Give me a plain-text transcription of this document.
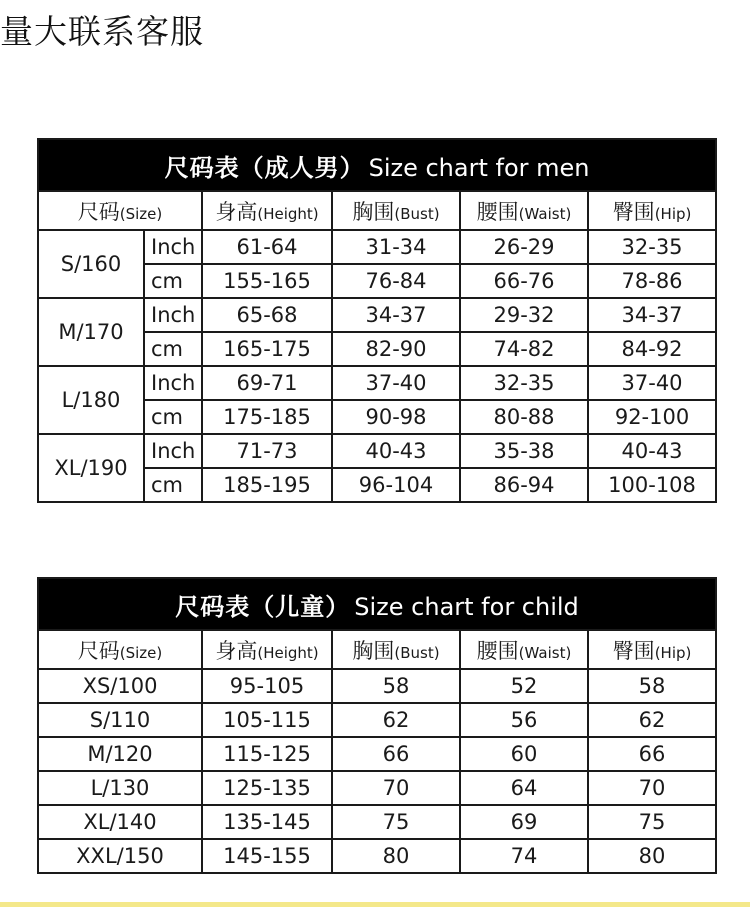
量大联系客服
尺码表（成人男） Size chart for men					
尺码(Size)		身高(Height)	胸围(Bust)	腰围(Waist)	臀围(Hip)
S/160	Inch	61-64	31-34	26-29	32-35
	cm	155-165	76-84	66-76	78-86
M/170	Inch	65-68	34-37	29-32	34-37
	cm	165-175	82-90	74-82	84-92
L/180	Inch	69-71	37-40	32-35	37-40
	cm	175-185	90-98	80-88	92-100
XL/190	Inch	71-73	40-43	35-38	40-43
	cm	185-195	96-104	86-94	100-108
尺码表（儿童） Size chart for child				
尺码(Size)	身高(Height)	胸围(Bust)	腰围(Waist)	臀围(Hip)
XS/100	95-105	58	52	58
S/110	105-115	62	56	62
M/120	115-125	66	60	66
L/130	125-135	70	64	70
XL/140	135-145	75	69	75
XXL/150	145-155	80	74	80
